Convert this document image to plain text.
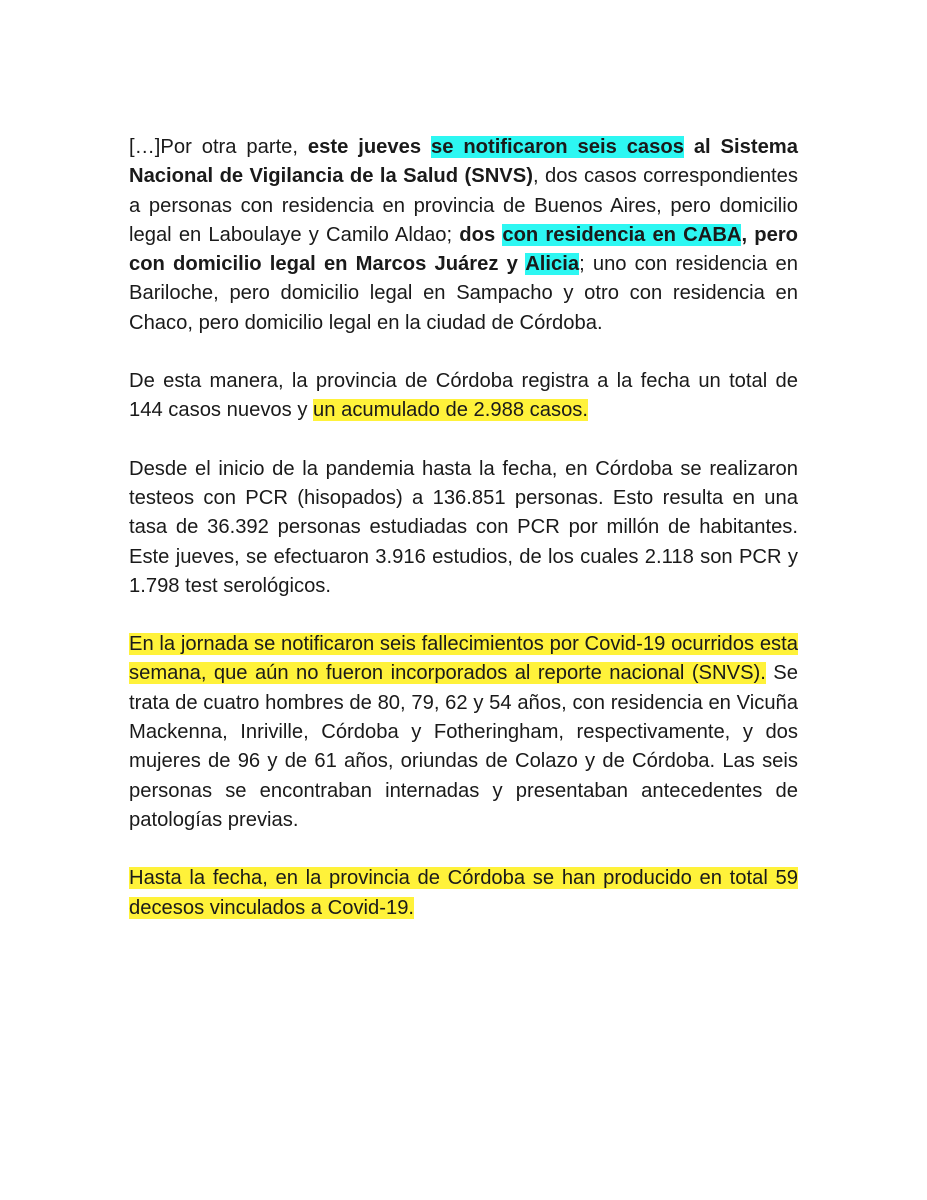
[…]Por otra parte, este jueves se notificaron seis casos al Sistema Nacional de Vigilancia de la Salud (SNVS), dos casos correspondientes a personas con residencia en provincia de Buenos Aires, pero domicilio legal en Laboulaye y Camilo Aldao; dos con residencia en CABA, pero con domicilio legal en Marcos Juárez y Alicia; uno con residencia en Bariloche, pero domicilio legal en Sampacho y otro con residencia en Chaco, pero domicilio legal en la ciudad de Córdoba.

De esta manera, la provincia de Córdoba registra a la fecha un total de 144 casos nuevos y un acumulado de 2.988 casos.

Desde el inicio de la pandemia hasta la fecha, en Córdoba se realizaron testeos con PCR (hisopados) a 136.851 personas. Esto resulta en una tasa de 36.392 personas estudiadas con PCR por millón de habitantes. Este jueves, se efectuaron 3.916 estudios, de los cuales 2.118 son PCR y 1.798 test serológicos.

En la jornada se notificaron seis fallecimientos por Covid-19 ocurridos esta semana, que aún no fueron incorporados al reporte nacional (SNVS). Se trata de cuatro hombres de 80, 79, 62 y 54 años, con residencia en Vicuña Mackenna, Inriville, Córdoba y Fotheringham, respectivamente, y dos mujeres de 96 y de 61 años, oriundas de Colazo y de Córdoba. Las seis personas se encontraban internadas y presentaban antecedentes de patologías previas.

Hasta la fecha, en la provincia de Córdoba se han producido en total 59 decesos vinculados a Covid-19.
